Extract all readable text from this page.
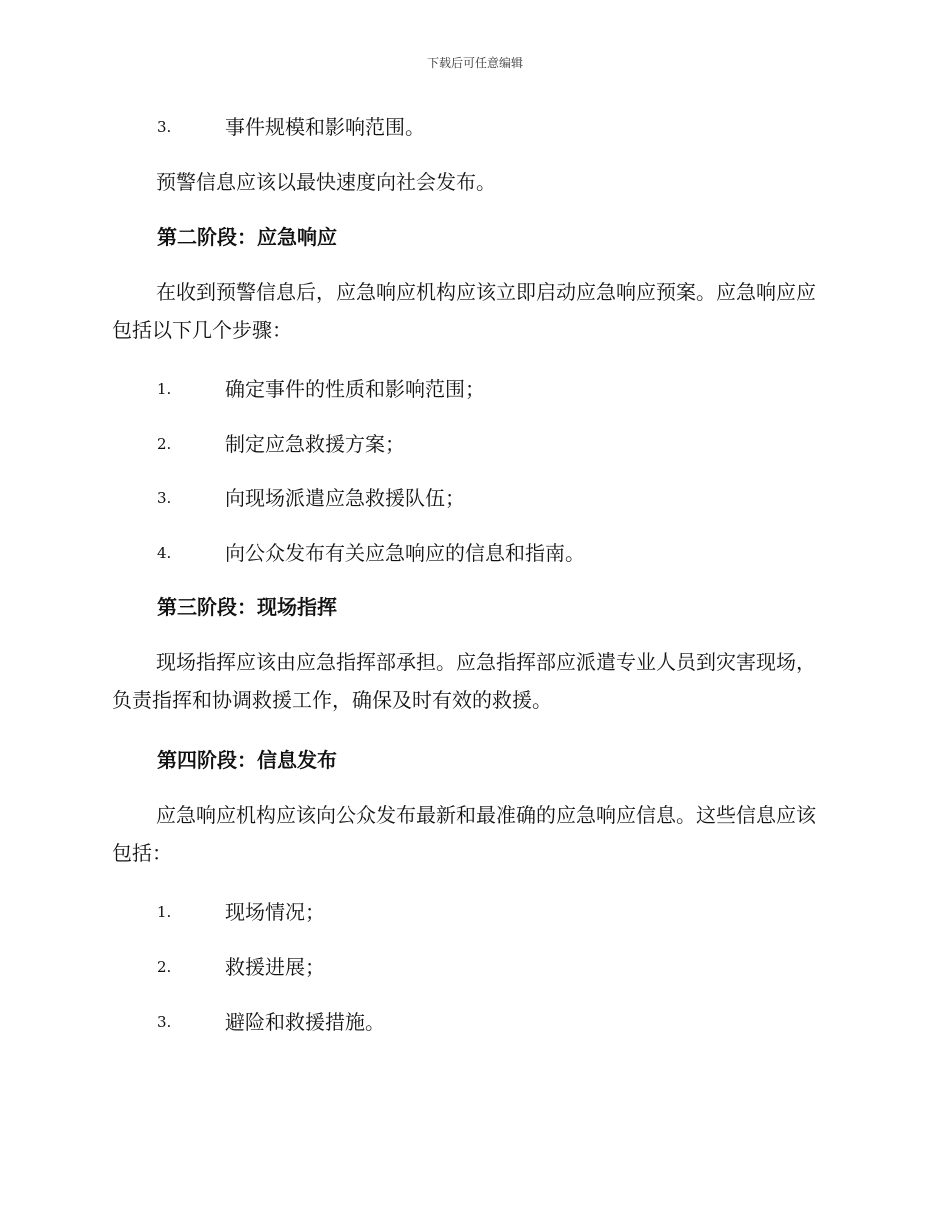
下载后可任意编辑
3.	事件规模和影响范围。
预警信息应该以最快速度向社会发布。
第二阶段：应急响应
在收到预警信息后，应急响应机构应该立即启动应急响应预案。应急响应应包括以下几个步骤：
1.	确定事件的性质和影响范围；
2.	制定应急救援方案；
3.	向现场派遣应急救援队伍；
4.	向公众发布有关应急响应的信息和指南。
第三阶段：现场指挥
现场指挥应该由应急指挥部承担。应急指挥部应派遣专业人员到灾害现场，负责指挥和协调救援工作，确保及时有效的救援。
第四阶段：信息发布
应急响应机构应该向公众发布最新和最准确的应急响应信息。这些信息应该包括：
1.	现场情况；
2.	救援进展；
3.	避险和救援措施。
